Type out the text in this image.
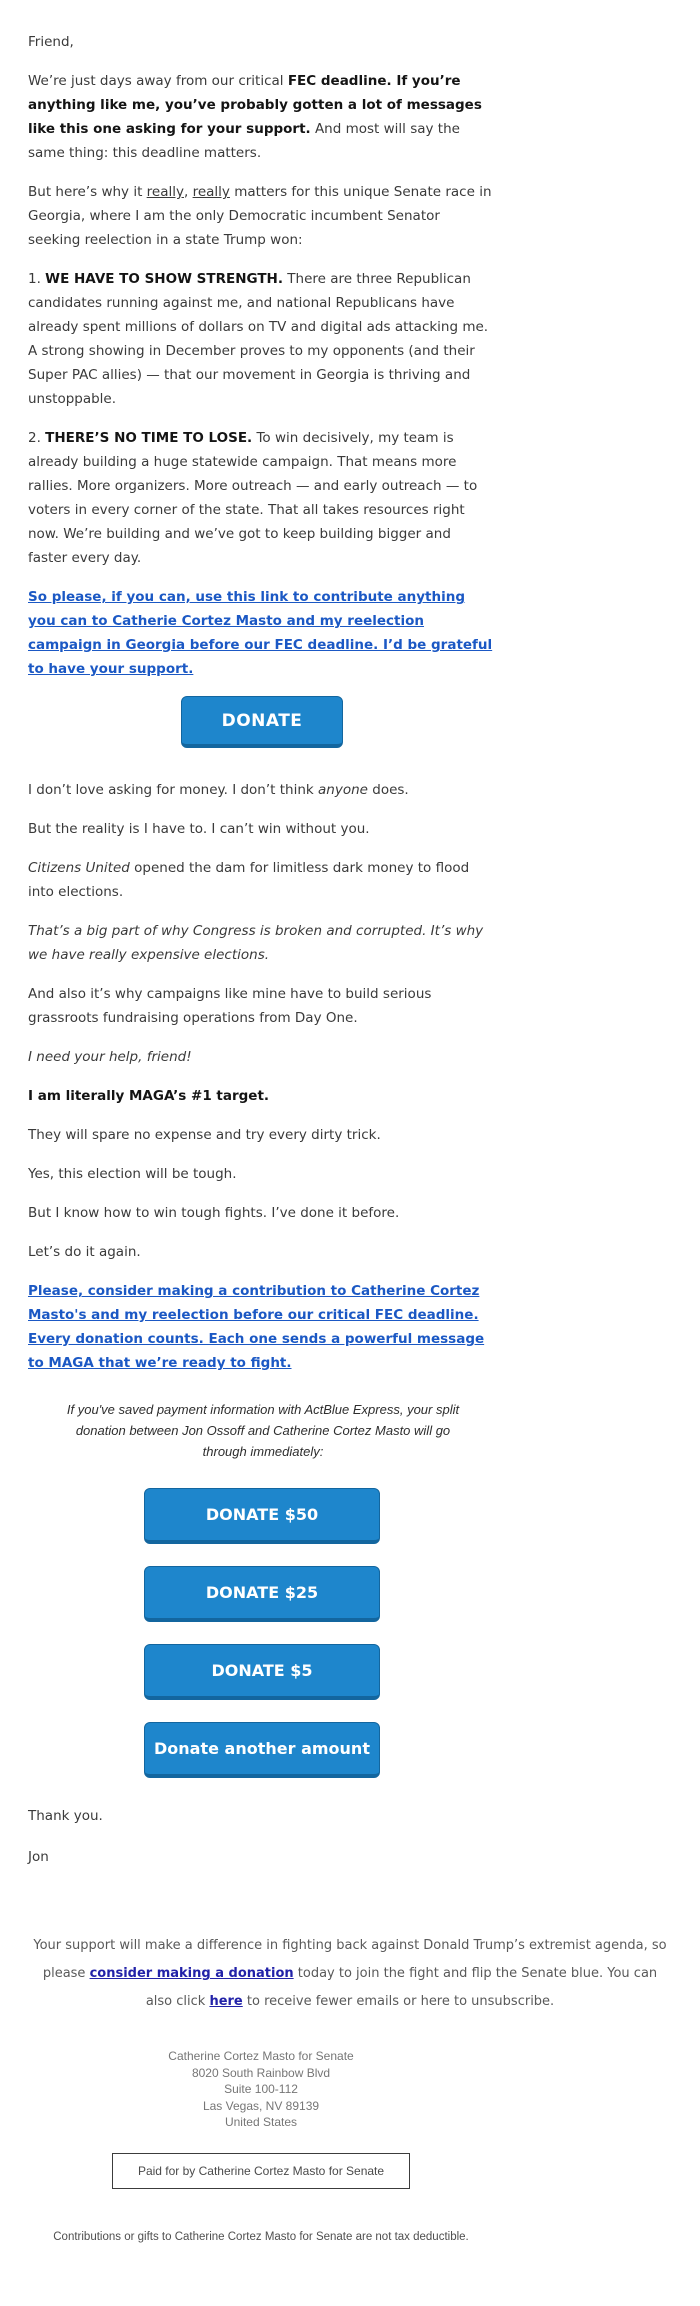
Friend,

We’re just days away from our critical FEC deadline. If you’re anything like me, you’ve probably gotten a lot of messages like this one asking for your support. And most will say the same thing: this deadline matters.

But here’s why it really, really matters for this unique Senate race in Georgia, where I am the only Democratic incumbent Senator seeking reelection in a state Trump won:

1. WE HAVE TO SHOW STRENGTH. There are three Republican candidates running against me, and national Republicans have already spent millions of dollars on TV and digital ads attacking me. A strong showing in December proves to my opponents (and their Super PAC allies) — that our movement in Georgia is thriving and unstoppable.

2. THERE’S NO TIME TO LOSE. To win decisively, my team is already building a huge statewide campaign. That means more rallies. More organizers. More outreach — and early outreach — to voters in every corner of the state. That all takes resources right now. We’re building and we’ve got to keep building bigger and faster every day.

So please, if you can, use this link to contribute anything you can to Catherie Cortez Masto and my reelection campaign in Georgia before our FEC deadline. I’d be grateful to have your support.

DONATE

I don’t love asking for money. I don’t think anyone does.

But the reality is I have to. I can’t win without you.

Citizens United opened the dam for limitless dark money to flood into elections.

That’s a big part of why Congress is broken and corrupted. It’s why we have really expensive elections.

And also it’s why campaigns like mine have to build serious grassroots fundraising operations from Day One.

I need your help, friend!

I am literally MAGA’s #1 target.

They will spare no expense and try every dirty trick.

Yes, this election will be tough.

But I know how to win tough fights. I’ve done it before.

Let’s do it again.

Please, consider making a contribution to Catherine Cortez Masto's and my reelection before our critical FEC deadline. Every donation counts. Each one sends a powerful message to MAGA that we’re ready to fight.

If you've saved payment information with ActBlue Express, your split donation between Jon Ossoff and Catherine Cortez Masto will go through immediately:

DONATE $50
DONATE $25
DONATE $5
Donate another amount

Thank you.

Jon

Your support will make a difference in fighting back against Donald Trump’s extremist agenda, so please consider making a donation today to join the fight and flip the Senate blue. You can also click here to receive fewer emails or here to unsubscribe.

Catherine Cortez Masto for Senate
8020 South Rainbow Blvd
Suite 100-112
Las Vegas, NV 89139
United States
Paid for by Catherine Cortez Masto for Senate
Contributions or gifts to Catherine Cortez Masto for Senate are not tax deductible.
